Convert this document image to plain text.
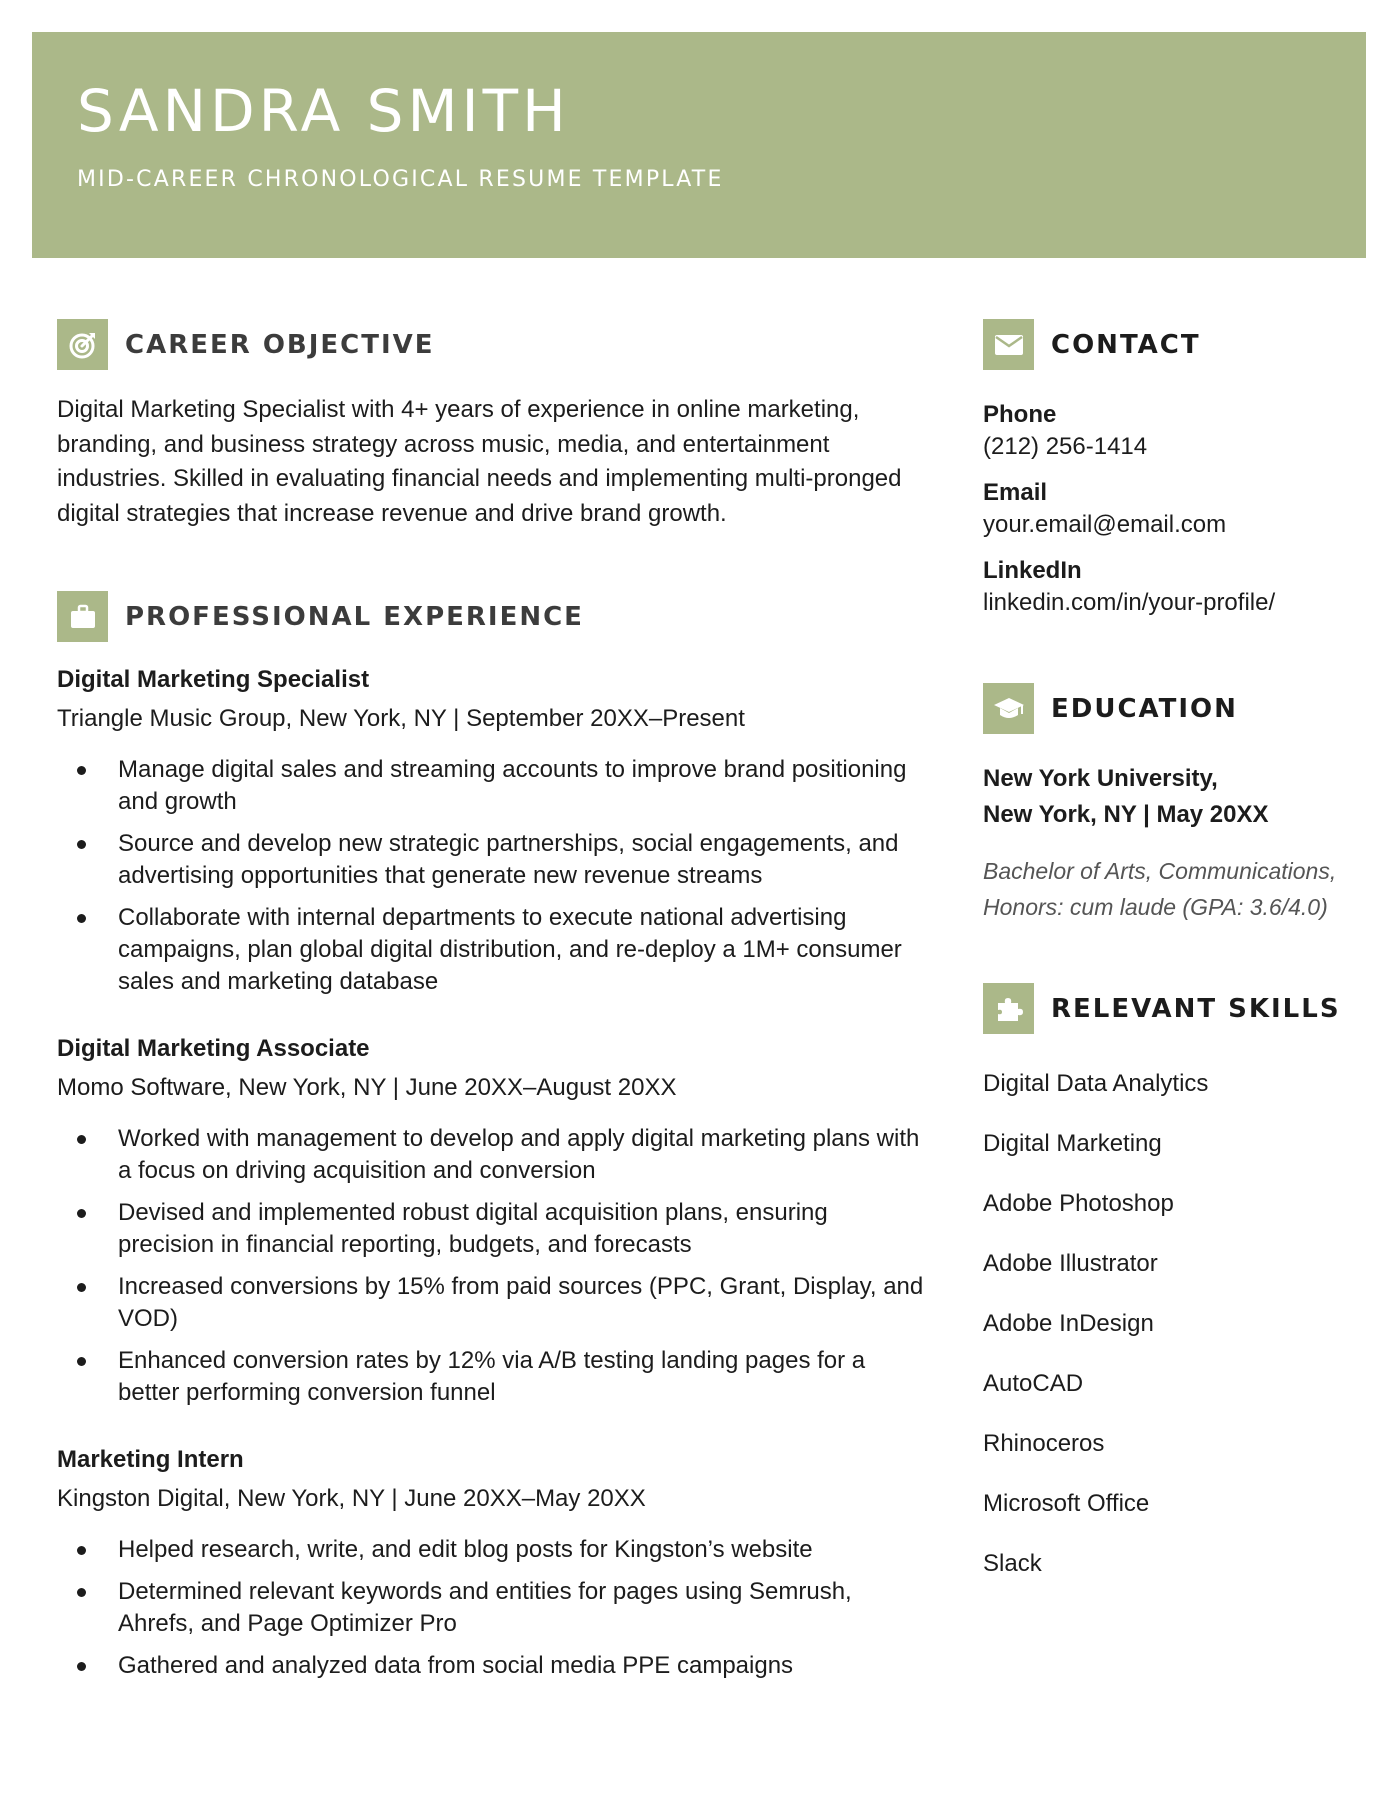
SANDRA SMITH
MID-CAREER CHRONOLOGICAL RESUME TEMPLATE
CAREER OBJECTIVE

Digital Marketing Specialist with 4+ years of experience in online marketing, branding, and business strategy across music, media, and entertainment industries. Skilled in evaluating financial needs and implementing multi-pronged digital strategies that increase revenue and drive brand growth.

PROFESSIONAL EXPERIENCE
Digital Marketing Specialist
Triangle Music Group, New York, NY | September 20XX–Present
Manage digital sales and streaming accounts to improve brand positioning and growth
Source and develop new strategic partnerships, social engagements, and advertising opportunities that generate new revenue streams
Collaborate with internal departments to execute national advertising campaigns, plan global digital distribution, and re-deploy a 1M+ consumer sales and marketing database
Digital Marketing Associate
Momo Software, New York, NY | June 20XX–August 20XX
Worked with management to develop and apply digital marketing plans with a focus on driving acquisition and conversion
Devised and implemented robust digital acquisition plans, ensuring precision in financial reporting, budgets, and forecasts
Increased conversions by 15% from paid sources (PPC, Grant, Display, and VOD)
Enhanced conversion rates by 12% via A/B testing landing pages for a better performing conversion funnel
Marketing Intern
Kingston Digital, New York, NY | June 20XX–May 20XX
Helped research, write, and edit blog posts for Kingston’s website
Determined relevant keywords and entities for pages using Semrush, Ahrefs, and Page Optimizer Pro
Gathered and analyzed data from social media PPE campaigns
CONTACT
Phone
(212) 256-1414
Email
your.email@email.com
LinkedIn
linkedin.com/in/your-profile/
EDUCATION
New York University,
New York, NY | May 20XX
Bachelor of Arts, Communications,
Honors: cum laude (GPA: 3.6/4.0)
RELEVANT SKILLS
Digital Data Analytics
Digital Marketing
Adobe Photoshop
Adobe Illustrator
Adobe InDesign
AutoCAD
Rhinoceros
Microsoft Office
Slack
